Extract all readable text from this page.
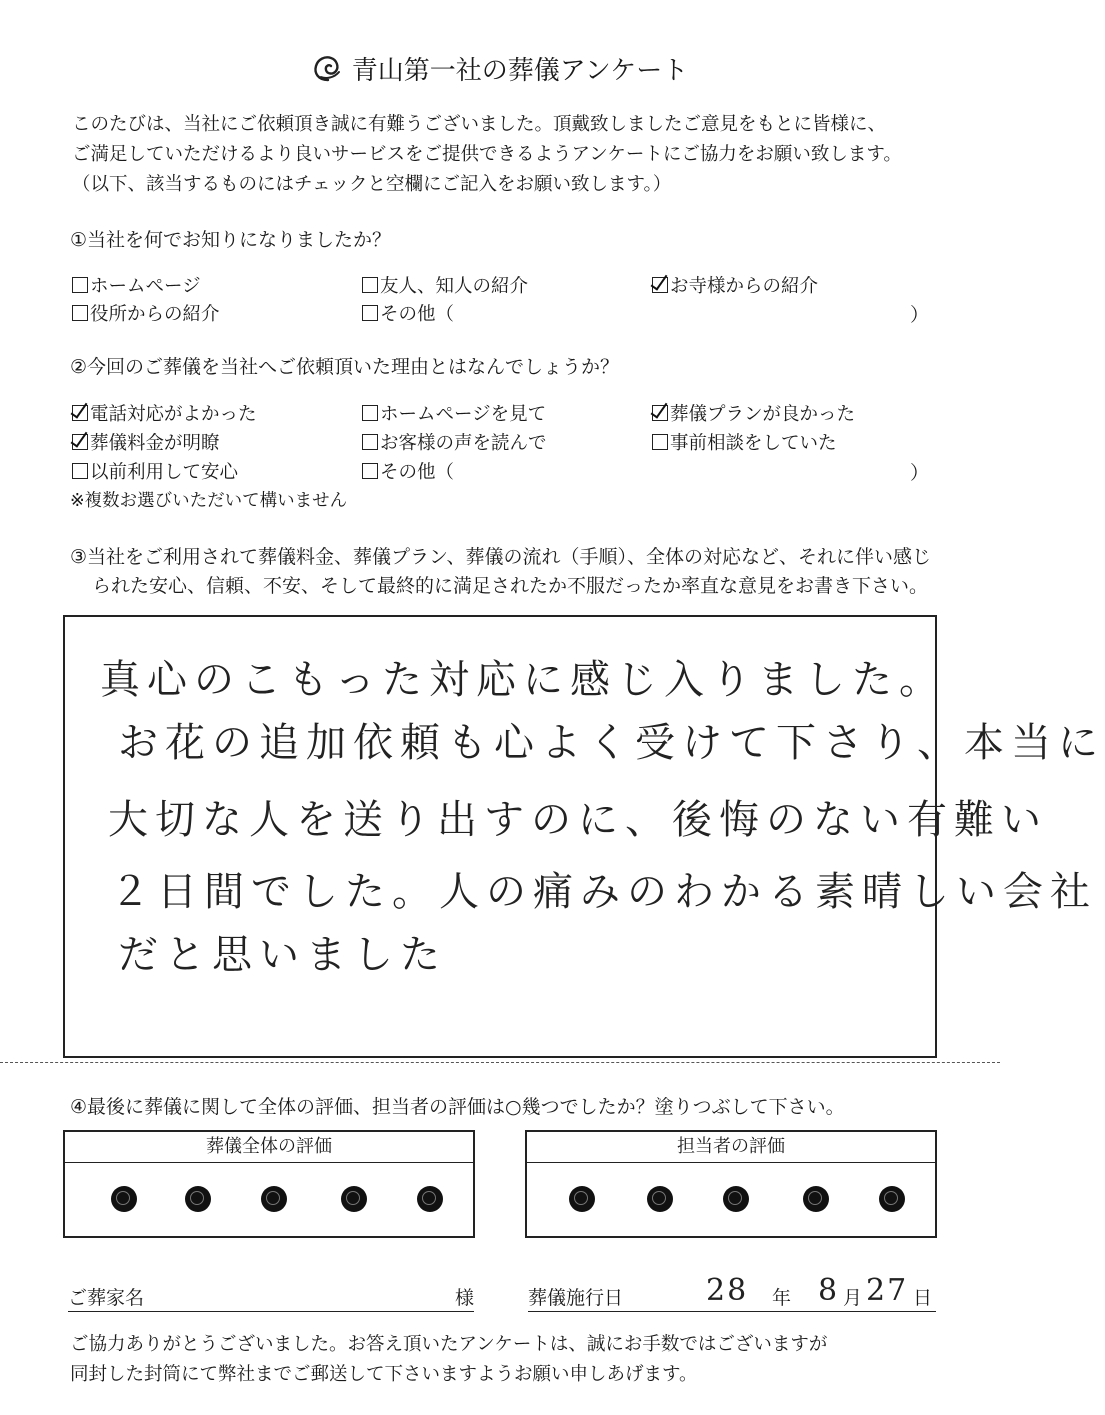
青山第一社の葬儀アンケート
このたびは、当社にご依頼頂き誠に有難うございました。頂戴致しましたご意見をもとに皆様に、
ご満足していただけるより良いサービスをご提供できるようアンケートにご協力をお願い致します。
（以下、該当するものにはチェックと空欄にご記入をお願い致します。）
①当社を何でお知りになりましたか？
ホームページ	友人、知人の紹介	お寺様からの紹介
役所からの紹介	その他（	）
②今回のご葬儀を当社へご依頼頂いた理由とはなんでしょうか？
電話対応がよかった	ホームページを見て	葬儀プランが良かった
葬儀料金が明瞭	お客様の声を読んで	事前相談をしていた
以前利用して安心	その他（	）
※複数お選びいただいて構いません
③当社をご利用されて葬儀料金、葬儀プラン、葬儀の流れ（手順）、全体の対応など、それに伴い感じ
られた安心、信頼、不安、そして最終的に満足されたか不服だったか率直な意見をお書き下さい。
真心のこもった対応に感じ入りました。
お花の追加依頼も心よく受けて下さり、本当に
大切な人を送り出すのに、後悔のない有難い
２日間でした。人の痛みのわかる素晴しい会社
だと思いました
④最後に葬儀に関して全体の評価、担当者の評価は○幾つでしたか？塗りつぶして下さい。
葬儀全体の評価	担当者の評価
ご葬家名	様	葬儀施行日	28 年 8
月 27 日
ご協力ありがとうございました。お答え頂いたアンケートは、誠にお手数ではございますが
同封した封筒にて弊社までご郵送して下さいますようお願い申しあげます。
